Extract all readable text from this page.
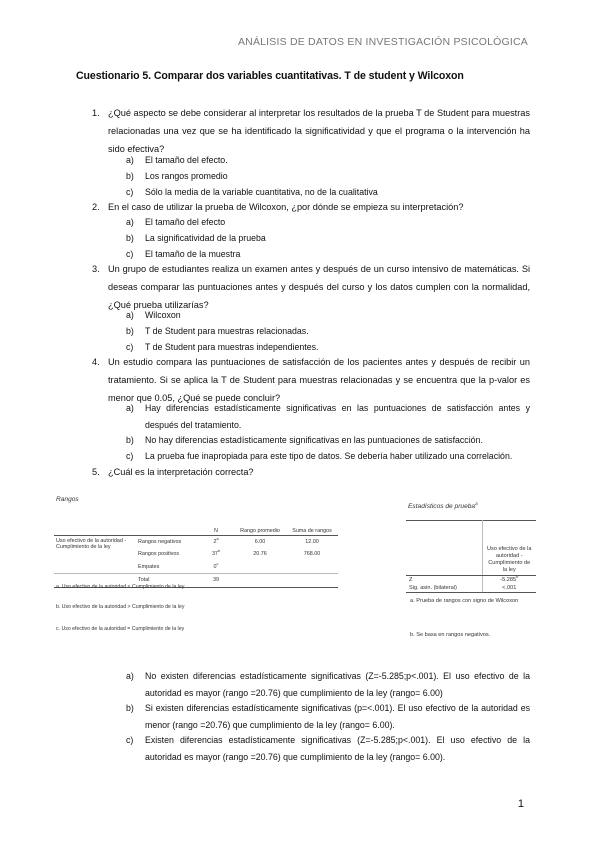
ANÁLISIS DE DATOS EN INVESTIGACIÓN PSICOLÓGICA
Cuestionario 5. Comparar dos variables cuantitativas. T de student y Wilcoxon
1. ¿Qué aspecto se debe considerar al interpretar los resultados de la prueba T de Student para muestras relacionadas una vez que se ha identificado la significatividad y que el programa o la intervención ha sido efectiva?
a) El tamaño del efecto.
b) Los rangos promedio
c) Sólo la media de la variable cuantitativa, no de la cualitativa
2. En el caso de utilizar la prueba de Wilcoxon, ¿por dónde se empieza su interpretación?
a) El tamaño del efecto
b) La significatividad de la prueba
c) El tamaño de la muestra
3. Un grupo de estudiantes realiza un examen antes y después de un curso intensivo de matemáticas. Si deseas comparar las puntuaciones antes y después del curso y los datos cumplen con la normalidad, ¿Qué prueba utilizarías?
a) Wilcoxon
b) T de Student para muestras relacionadas.
c) T de Student para muestras independientes.
4. Un estudio compara las puntuaciones de satisfacción de los pacientes antes y después de recibir un tratamiento. Si se aplica la T de Student para muestras relacionadas y se encuentra que la p-valor es menor que 0.05, ¿Qué se puede concluir?
a) Hay diferencias estadísticamente significativas en las puntuaciones de satisfacción antes y después del tratamiento.
b) No hay diferencias estadísticamente significativas en las puntuaciones de satisfacción.
c) La prueba fue inapropiada para este tipo de datos. Se debería haber utilizado una correlación.
5. ¿Cuál es la interpretación correcta?
Rangos
		N	Rango promedio	Suma de rangos
Uso efectivo de la autoridad - Cumplimiento de la ley	Rangos negativos	2$^a$	6.00	12.00
	Rangos positivos	37$^b$	20.76	768.00
	Empates	0$^c$		
	Total	39		
a. Uso efectivo de la autoridad < Cumplimiento de la ley
b. Uso efectivo de la autoridad > Cumplimiento de la ley
c. Uso efectivo de la autoridad = Cumplimiento de la ley
Estadísticos de prueba$^a$
	Uso efectivo de la autoridad - Cumplimiento de la ley
Z	-5.285$^b$
Sig. asin. (bilateral)	<.001
a. Prueba de rangos con signo de Wilcoxon
b. Se basa en rangos negativos.
a) No existen diferencias estadísticamente significativas (Z=-5.285;p<.001). El uso efectivo de la autoridad es mayor (rango =20.76) que cumplimiento de la ley (rango= 6.00)
b) Si existen diferencias estadísticamente significativas (p=<.001). El uso efectivo de la autoridad es menor (rango =20.76) que cumplimiento de la ley (rango= 6.00).
c) Existen diferencias estadísticamente significativas (Z=-5.285;p<.001). El uso efectivo de la autoridad es mayor (rango =20.76) que cumplimiento de la ley (rango= 6.00).
1
